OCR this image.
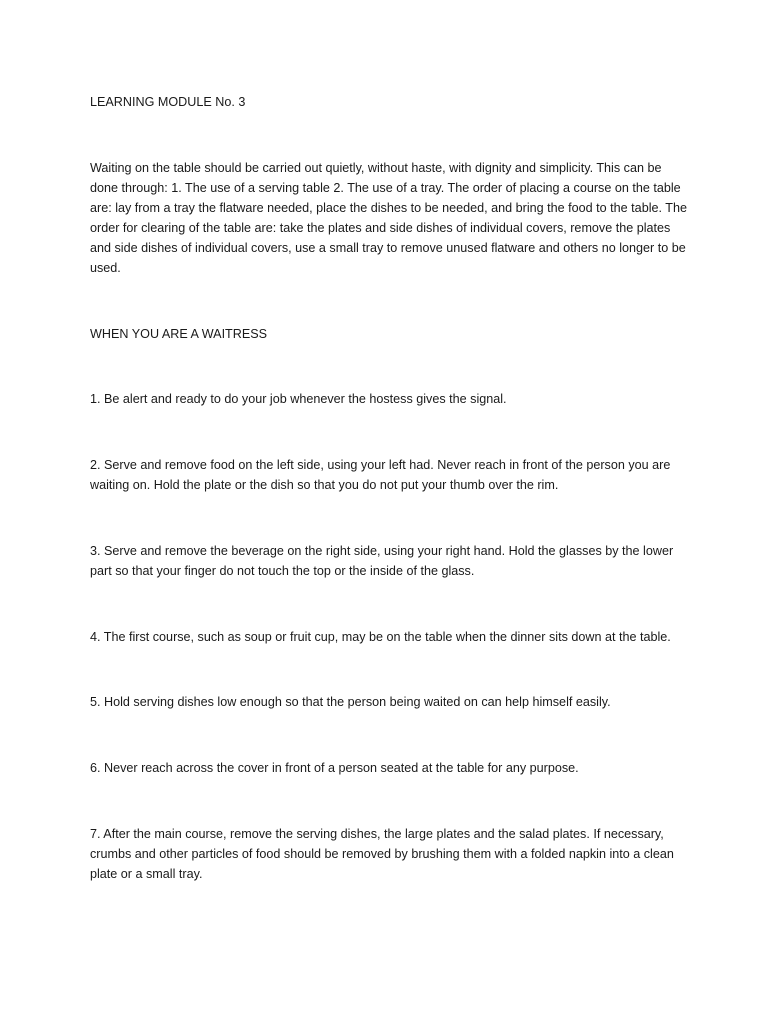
LEARNING MODULE No. 3

Waiting on the table should be carried out quietly, without haste, with dignity and simplicity. This can be done through: 1. The use of a serving table 2. The use of a tray. The order of placing a course on the table are: lay from a tray the flatware needed, place the dishes to be needed, and bring the food to the table. The order for clearing of the table are: take the plates and side dishes of individual covers, remove the plates and side dishes of individual covers, use a small tray to remove unused flatware and others no longer to be used.

WHEN YOU ARE A WAITRESS

1. Be alert and ready to do your job whenever the hostess gives the signal.

2. Serve and remove food on the left side, using your left had. Never reach in front of the person you are waiting on. Hold the plate or the dish so that you do not put your thumb over the rim.

3. Serve and remove the beverage on the right side, using your right hand. Hold the glasses by the lower part so that your finger do not touch the top or the inside of the glass.

4. The first course, such as soup or fruit cup, may be on the table when the dinner sits down at the table.

5. Hold serving dishes low enough so that the person being waited on can help himself easily.

6. Never reach across the cover in front of a person seated at the table for any purpose.

7. After the main course, remove the serving dishes, the large plates and the salad plates. If necessary, crumbs and other particles of food should be removed by brushing them with a folded napkin into a clean plate or a small tray.
